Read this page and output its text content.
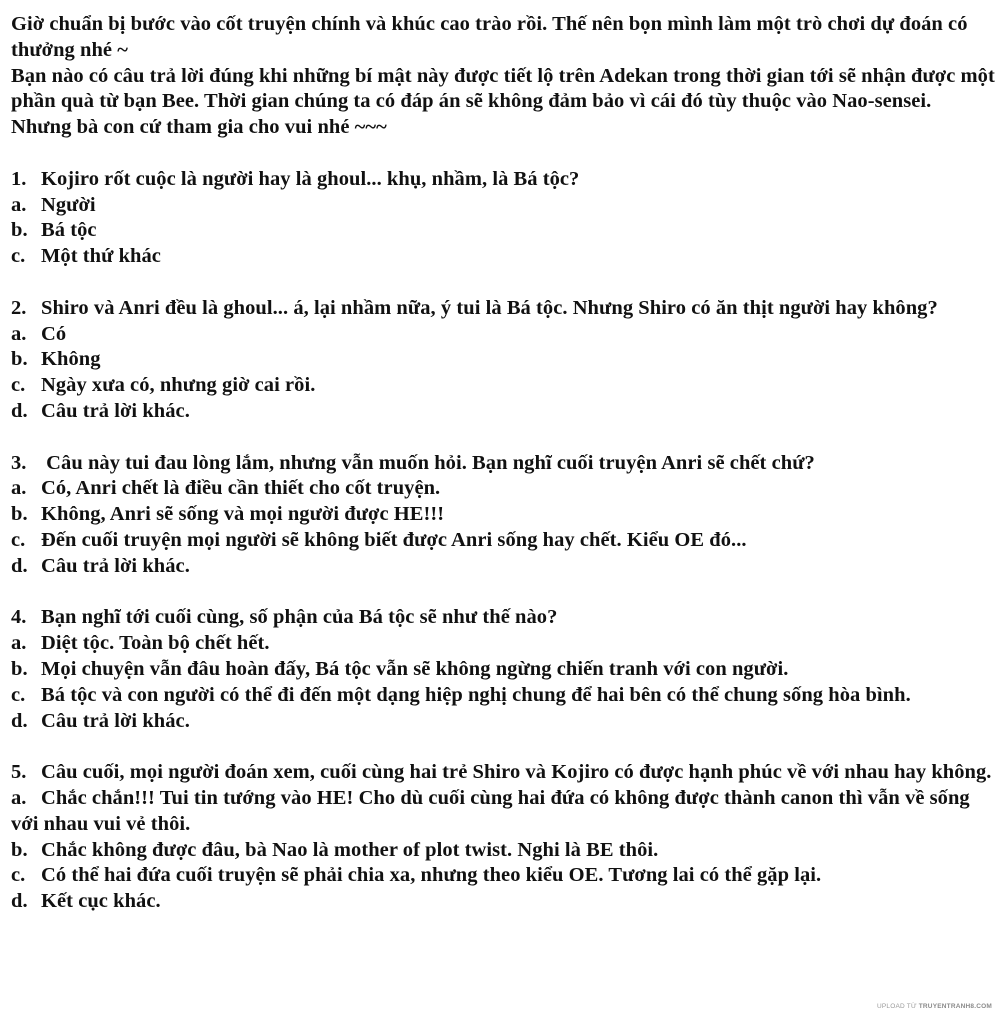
Giờ chuẩn bị bước vào cốt truyện chính và khúc cao trào rồi. Thế nên bọn mình làm một trò chơi dự đoán có thưởng nhé ~

Bạn nào có câu trả lời đúng khi những bí mật này được tiết lộ trên Adekan trong thời gian tới sẽ nhận được một phần quà từ bạn Bee. Thời gian chúng ta có đáp án sẽ không đảm bảo vì cái đó tùy thuộc vào Nao-sensei. Nhưng bà con cứ tham gia cho vui nhé ~~~

1. Kojiro rốt cuộc là người hay là ghoul... khụ, nhầm, là Bá tộc?
a. Người
b. Bá tộc
c. Một thứ khác
2. Shiro và Anri đều là ghoul... á, lại nhầm nữa, ý tui là Bá tộc. Nhưng Shiro có ăn thịt người hay không?
a. Có
b. Không
c. Ngày xưa có, nhưng giờ cai rồi.
d. Câu trả lời khác.
3. Câu này tui đau lòng lắm, nhưng vẫn muốn hỏi. Bạn nghĩ cuối truyện Anri sẽ chết chứ?
a. Có, Anri chết là điều cần thiết cho cốt truyện.
b. Không, Anri sẽ sống và mọi người được HE!!!
c. Đến cuối truyện mọi người sẽ không biết được Anri sống hay chết. Kiểu OE đó...
d. Câu trả lời khác.
4. Bạn nghĩ tới cuối cùng, số phận của Bá tộc sẽ như thế nào?
a. Diệt tộc. Toàn bộ chết hết.
b. Mọi chuyện vẫn đâu hoàn đấy, Bá tộc vẫn sẽ không ngừng chiến tranh với con người.
c. Bá tộc và con người có thể đi đến một dạng hiệp nghị chung để hai bên có thể chung sống hòa bình.
d. Câu trả lời khác.
5. Câu cuối, mọi người đoán xem, cuối cùng hai trẻ Shiro và Kojiro có được hạnh phúc về với nhau hay không.
a. Chắc chắn!!! Tui tin tướng vào HE! Cho dù cuối cùng hai đứa có không được thành canon thì vẫn về sống với nhau vui vẻ thôi.
b. Chắc không được đâu, bà Nao là mother of plot twist. Nghi là BE thôi.
c. Có thể hai đứa cuối truyện sẽ phải chia xa, nhưng theo kiểu OE. Tương lai có thể gặp lại.
d. Kết cục khác.
UPLOAD TỪ TRUYENTRANH8.COM
